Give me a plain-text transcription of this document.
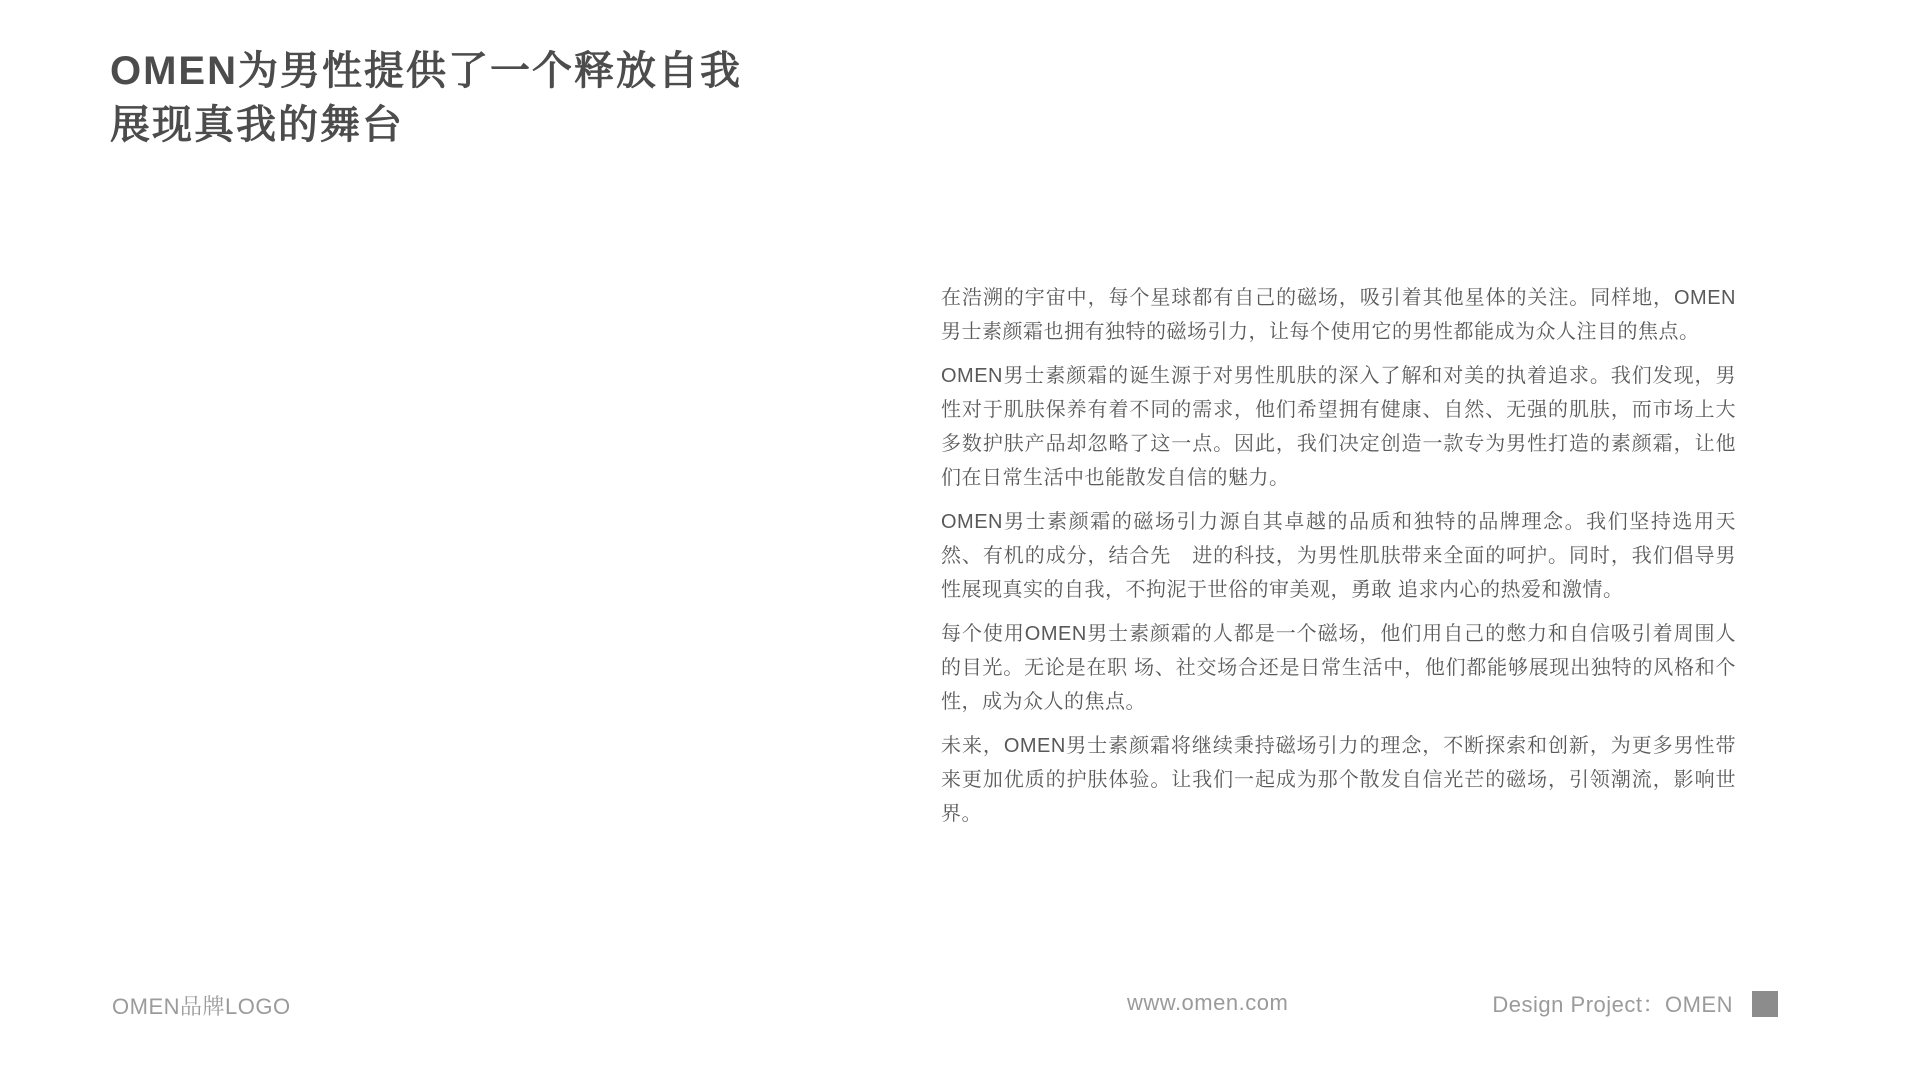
OMEN为男性提供了一个释放自我
展现真我的舞台

在浩溯的宇宙中，每个星球都有自己的磁场，吸引着其他星体的关注。同样地，OMEN男士素颜霜也拥有独特的磁场引力，让每个使用它的男性都能成为众人注目的焦点。

OMEN男士素颜霜的诞生源于对男性肌肤的深入了解和对美的执着追求。我们发现，男性对于肌肤保养有着不同的需求，他们希望拥有健康、自然、无强的肌肤，而市场上大多数护肤产品却忽略了这一点。因此，我们决定创造一款专为男性打造的素颜霜，让他们在日常生活中也能散发自信的魅力。

OMEN男士素颜霜的磁场引力源自其卓越的品质和独特的品牌理念。我们坚持选用天然、有机的成分，结合先　进的科技，为男性肌肤带来全面的呵护。同时，我们倡导男性展现真实的自我，不拘泥于世俗的审美观，勇敢 追求内心的热爱和激情。

每个使用OMEN男士素颜霜的人都是一个磁场，他们用自己的憋力和自信吸引着周围人的目光。无论是在职 场、社交场合还是日常生活中，他们都能够展现出独特的风格和个性，成为众人的焦点。

未来，OMEN男士素颜霜将继续秉持磁场引力的理念，不断探索和创新，为更多男性带来更加优质的护肤体验。让我们一起成为那个散发自信光芒的磁场，引领潮流，影响世界。

OMEN品牌LOGO	www.omen.com	Design Project：OMEN
